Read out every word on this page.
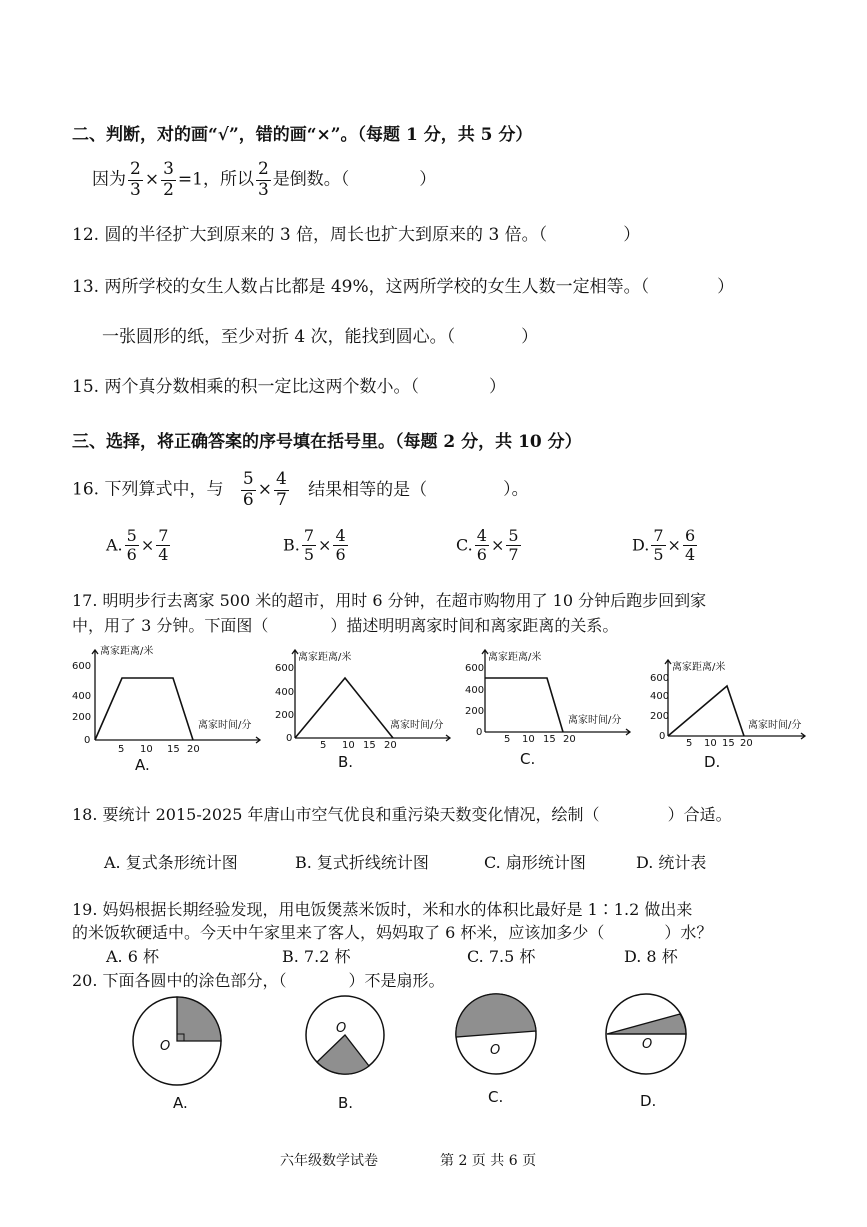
二、判断，对的画“√”，错的画“×”。（每题 1 分，共 5 分）
因为 $\frac{2}{3} \times \frac{3}{2} =1$，所以 $\frac{2}{3}$ 是倒数。（	）
12. 圆的半径扩大到原来的 3 倍，周长也扩大到原来的 3 倍。（	）
13. 两所学校的女生人数占比都是 49%，这两所学校的女生人数一定相等。（	）
一张圆形的纸，至少对折 4 次，能找到圆心。（	）
15. 两个真分数相乘的积一定比这两个数小。（	）
三、选择，将正确答案的序号填在括号里。（每题 2 分，共 10 分）
16. 下列算式中，与 $\frac{5}{6} \times \frac{4}{7}$ 结果相等的是（	）。
A. $\frac{5}{6} \times \frac{7}{4}$	B. $\frac{7}{5} \times \frac{4}{6}$	C. $\frac{4}{6} \times \frac{5}{7}$	D. $\frac{7}{5} \times \frac{6}{4}$
17. 明明步行去离家 500 米的超市，用时 6 分钟，在超市购物用了 10 分钟后跑步回到家
中，用了 3 分钟。下面图（	）描述明明离家时间和离家距离的关系。
离家距离/米
离家时间/分
600
400
200
0
5 10 15 20
A.
离家距离/米
离家时间/分
600
400
200
0
5 10 15 20
B.
离家距离/米
离家时间/分
600
400
200
0
5 10 15 20
C.
离家距离/米
离家时间/分
600
400
200
0
5 10 15 20
D.
18. 要统计 2015-2025 年唐山市空气优良和重污染天数变化情况，绘制（	）合适。
A. 复式条形统计图	B. 复式折线统计图	C. 扇形统计图	D. 统计表
19. 妈妈根据长期经验发现，用电饭煲蒸米饭时，米和水的体积比最好是 1∶1.2 做出来
的米饭软硬适中。今天中午家里来了客人，妈妈取了 6 杯米，应该加多少（	）水？
A. 6 杯	B. 7.2 杯	C. 7.5 杯	D. 8 杯
20. 下面各圆中的涂色部分，（	）不是扇形。
O
A.
O
B.
O
C.
O
D.
六年级数学试卷	第 2 页 共 6 页
